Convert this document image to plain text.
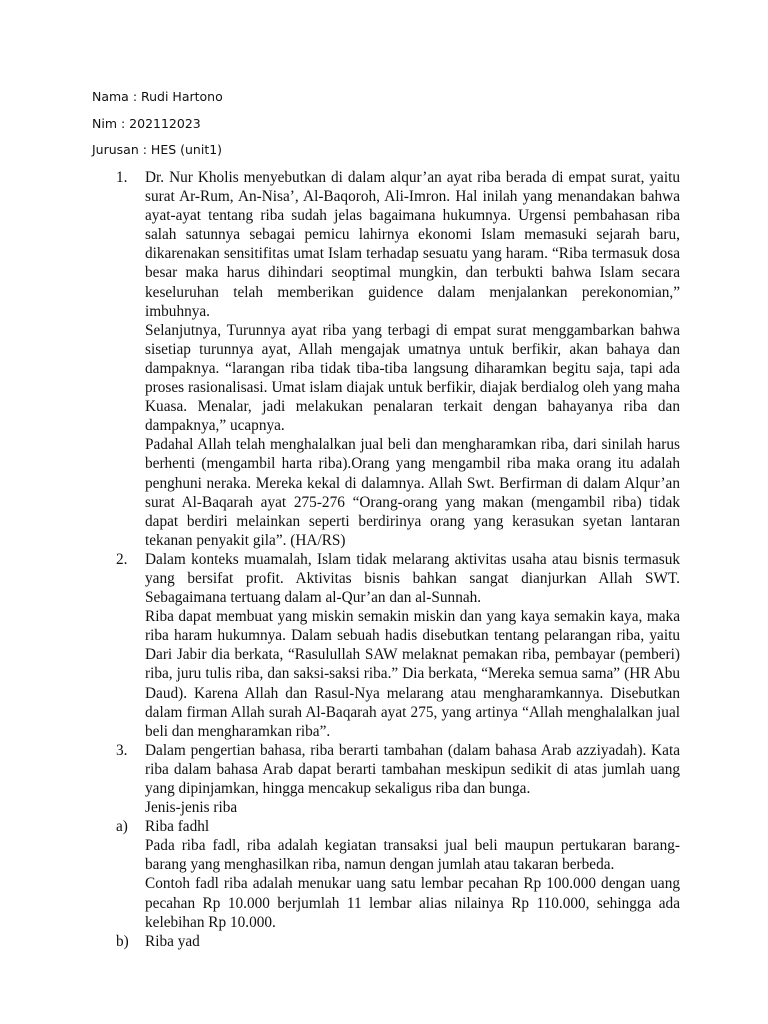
Nama : Rudi Hartono
Nim : 202112023
Jurusan : HES (unit1)
1. Dr. Nur Kholis menyebutkan di dalam alqur’an ayat riba berada di empat surat, yaitu surat Ar-Rum, An-Nisa’, Al-Baqoroh, Ali-Imron. Hal inilah yang menandakan bahwa ayat-ayat tentang riba sudah jelas bagaimana hukumnya. Urgensi pembahasan riba salah satunnya sebagai pemicu lahirnya ekonomi Islam memasuki sejarah baru, dikarenakan sensitifitas umat Islam terhadap sesuatu yang haram. “Riba termasuk dosa besar maka harus dihindari seoptimal mungkin, dan terbukti bahwa Islam secara keseluruhan telah memberikan guidence dalam menjalankan perekonomian,” imbuhnya.

Selanjutnya, Turunnya ayat riba yang terbagi di empat surat menggambarkan bahwa sisetiap turunnya ayat, Allah mengajak umatnya untuk berfikir, akan bahaya dan dampaknya. “larangan riba tidak tiba-tiba langsung diharamkan begitu saja, tapi ada proses rasionalisasi. Umat islam diajak untuk berfikir, diajak berdialog oleh yang maha Kuasa. Menalar, jadi melakukan penalaran terkait dengan bahayanya riba dan dampaknya,” ucapnya.

Padahal Allah telah menghalalkan jual beli dan mengharamkan riba, dari sinilah harus berhenti (mengambil harta riba).Orang yang mengambil riba maka orang itu adalah penghuni neraka. Mereka kekal di dalamnya. Allah Swt. Berfirman di dalam Alqur’an surat Al-Baqarah ayat 275-276 “Orang-orang yang makan (mengambil riba) tidak dapat berdiri melainkan seperti berdirinya orang yang kerasukan syetan lantaran tekanan penyakit gila”. (HA/RS)

2. Dalam konteks muamalah, Islam tidak melarang aktivitas usaha atau bisnis termasuk yang bersifat profit. Aktivitas bisnis bahkan sangat dianjurkan Allah SWT. Sebagaimana tertuang dalam al-Qur’an dan al-Sunnah.

Riba dapat membuat yang miskin semakin miskin dan yang kaya semakin kaya, maka riba haram hukumnya. Dalam sebuah hadis disebutkan tentang pelarangan riba, yaitu Dari Jabir dia berkata, “Rasulullah SAW melaknat pemakan riba, pembayar (pemberi) riba, juru tulis riba, dan saksi-saksi riba.” Dia berkata, “Mereka semua sama” (HR Abu Daud). Karena Allah dan Rasul-Nya melarang atau mengharamkannya. Disebutkan dalam firman Allah surah Al-Baqarah ayat 275, yang artinya “Allah menghalalkan jual beli dan mengharamkan riba”.

3. Dalam pengertian bahasa, riba berarti tambahan (dalam bahasa Arab azziyadah). Kata riba dalam bahasa Arab dapat berarti tambahan meskipun sedikit di atas jumlah uang yang dipinjamkan, hingga mencakup sekaligus riba dan bunga.

Jenis-jenis riba

a) Riba fadhl

Pada riba fadl, riba adalah kegiatan transaksi jual beli maupun pertukaran barang-barang yang menghasilkan riba, namun dengan jumlah atau takaran berbeda.

Contoh fadl riba adalah menukar uang satu lembar pecahan Rp 100.000 dengan uang pecahan Rp 10.000 berjumlah 11 lembar alias nilainya Rp 110.000, sehingga ada kelebihan Rp 10.000.

b) Riba yad
